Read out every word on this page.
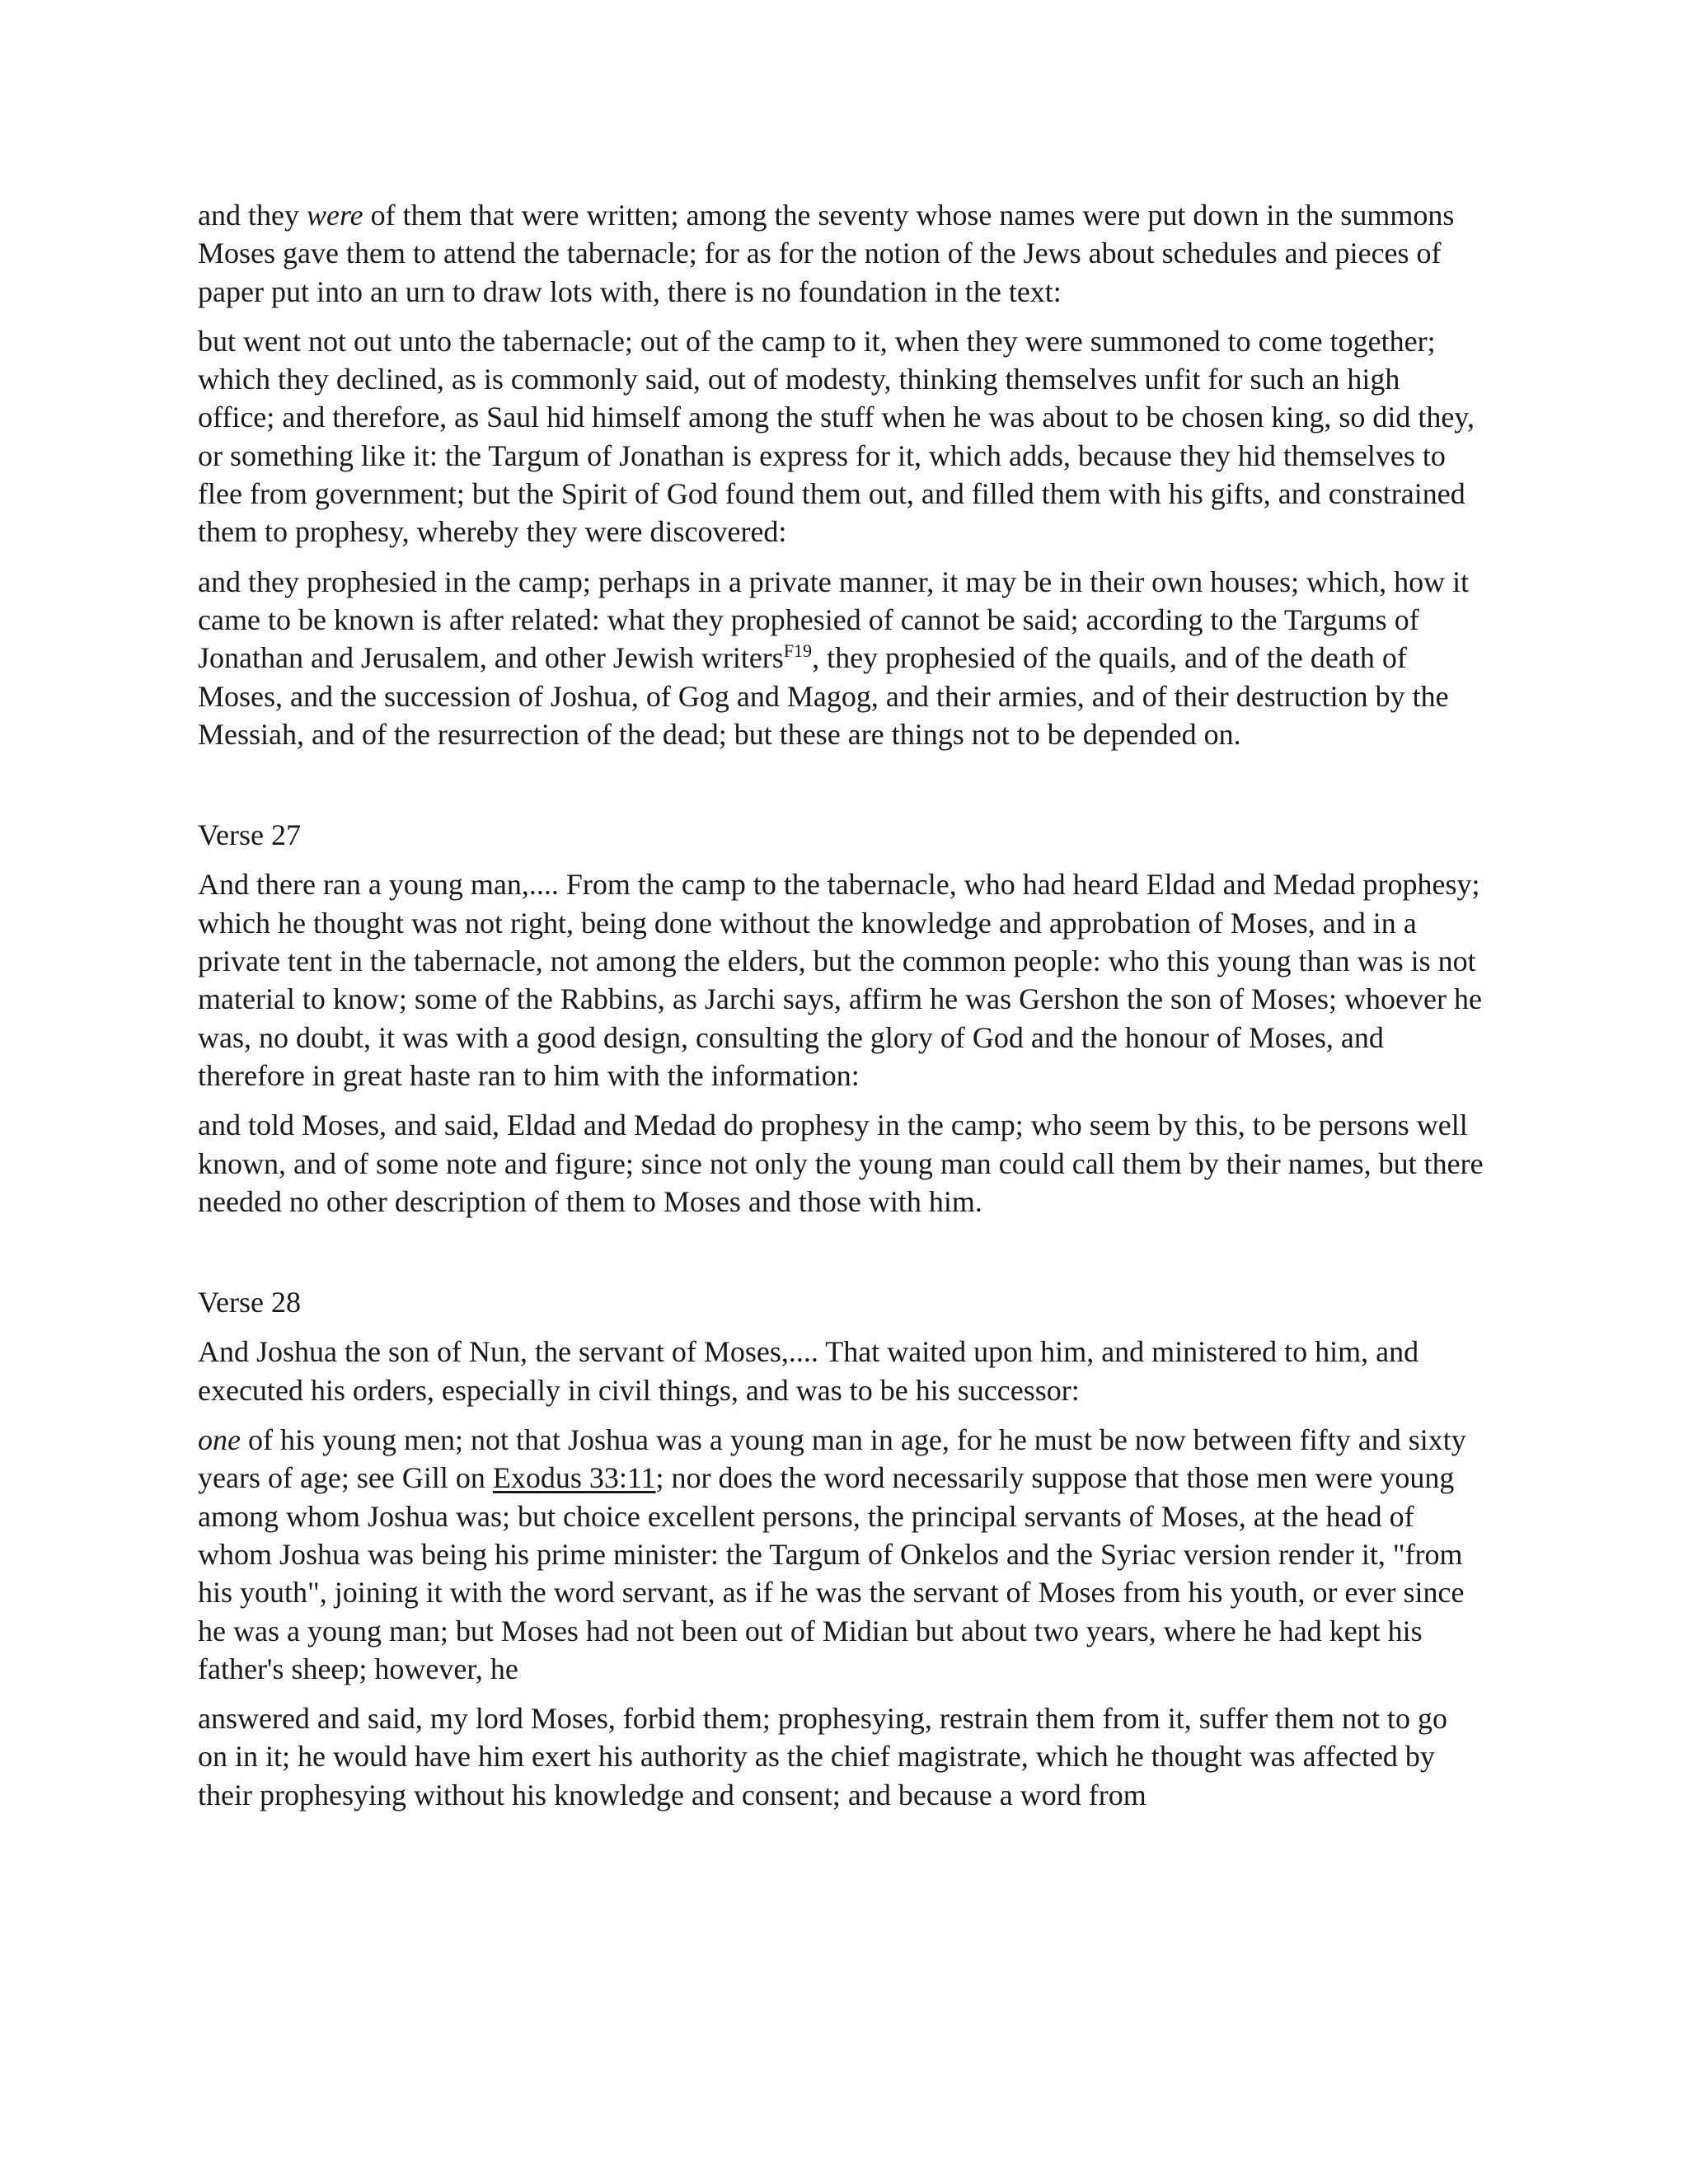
and they were of them that were written; among the seventy whose names were put down in the summons Moses gave them to attend the tabernacle; for as for the notion of the Jews about schedules and pieces of paper put into an urn to draw lots with, there is no foundation in the text:

but went not out unto the tabernacle; out of the camp to it, when they were summoned to come together; which they declined, as is commonly said, out of modesty, thinking themselves unfit for such an high office; and therefore, as Saul hid himself among the stuff when he was about to be chosen king, so did they, or something like it: the Targum of Jonathan is express for it, which adds, because they hid themselves to flee from government; but the Spirit of God found them out, and filled them with his gifts, and constrained them to prophesy, whereby they were discovered:

and they prophesied in the camp; perhaps in a private manner, it may be in their own houses; which, how it came to be known is after related: what they prophesied of cannot be said; according to the Targums of Jonathan and Jerusalem, and other Jewish writers$^{F19}$, they prophesied of the quails, and of the death of Moses, and the succession of Joshua, of Gog and Magog, and their armies, and of their destruction by the Messiah, and of the resurrection of the dead; but these are things not to be depended on.

Verse 27

And there ran a young man,.... From the camp to the tabernacle, who had heard Eldad and Medad prophesy; which he thought was not right, being done without the knowledge and approbation of Moses, and in a private tent in the tabernacle, not among the elders, but the common people: who this young than was is not material to know; some of the Rabbins, as Jarchi says, affirm he was Gershon the son of Moses; whoever he was, no doubt, it was with a good design, consulting the glory of God and the honour of Moses, and therefore in great haste ran to him with the information:

and told Moses, and said, Eldad and Medad do prophesy in the camp; who seem by this, to be persons well known, and of some note and figure; since not only the young man could call them by their names, but there needed no other description of them to Moses and those with him.

Verse 28

And Joshua the son of Nun, the servant of Moses,.... That waited upon him, and ministered to him, and executed his orders, especially in civil things, and was to be his successor:

one of his young men; not that Joshua was a young man in age, for he must be now between fifty and sixty years of age; see Gill on Exodus 33:11; nor does the word necessarily suppose that those men were young among whom Joshua was; but choice excellent persons, the principal servants of Moses, at the head of whom Joshua was being his prime minister: the Targum of Onkelos and the Syriac version render it, "from his youth", joining it with the word servant, as if he was the servant of Moses from his youth, or ever since he was a young man; but Moses had not been out of Midian but about two years, where he had kept his father's sheep; however, he

answered and said, my lord Moses, forbid them; prophesying, restrain them from it, suffer them not to go on in it; he would have him exert his authority as the chief magistrate, which he thought was affected by their prophesying without his knowledge and consent; and because a word from
